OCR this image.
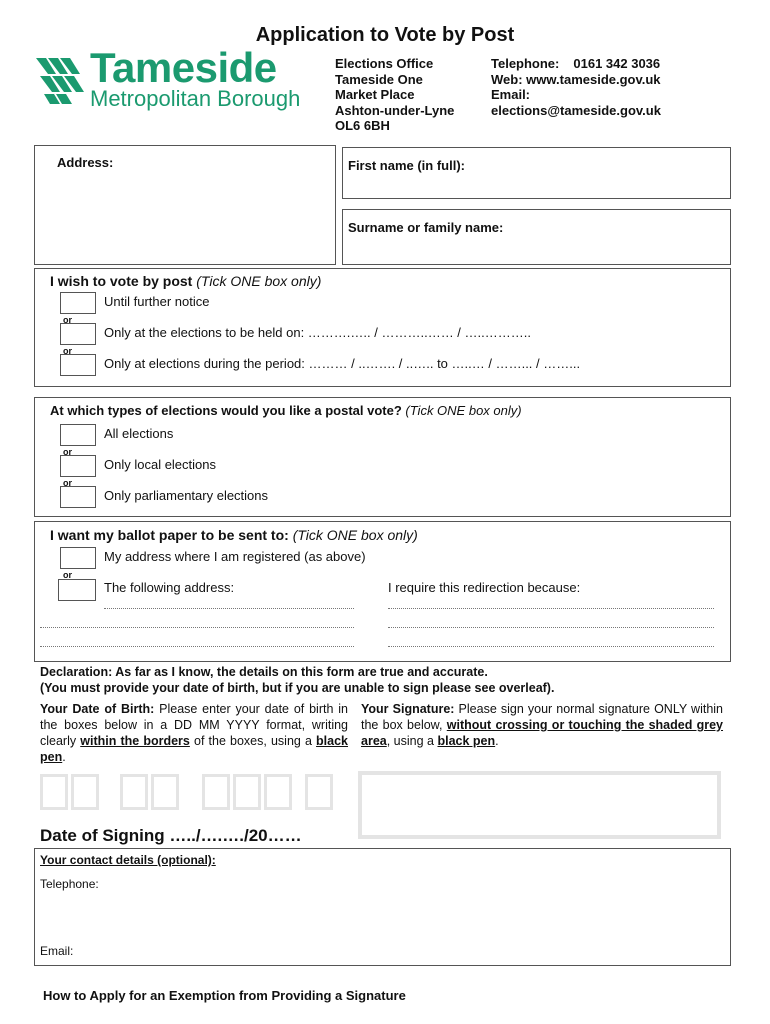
Application to Vote by Post
Tameside
Metropolitan Borough
Elections Office
Tameside One
Market Place
Ashton-under-Lyne
OL6 6BH
Telephone: 0161 342 3036
Web: www.tameside.gov.uk
Email:
elections@tameside.gov.uk
Address:	First name (in full):
Surname or family name:
I wish to vote by post (Tick ONE box only)
Until further notice
or
Only at the elections to be held on: ……….….. / ………..…… / …..………..
or
Only at elections during the period: ……… / ..……. / ..….. to …..… / ……... / ……...
At which types of elections would you like a postal vote? (Tick ONE box only)
All elections
or
Only local elections
or
Only parliamentary elections
I want my ballot paper to be sent to: (Tick ONE box only)
My address where I am registered (as above)
or
The following address:	I require this redirection because:
Declaration: As far as I know, the details on this form are true and accurate.
(You must provide your date of birth, but if you are unable to sign please see overleaf).
Your Date of Birth: Please enter your date of birth in the boxes below in a DD MM YYYY format, writing clearly within the borders of the boxes, using a black pen.
Your Signature: Please sign your normal signature ONLY within the box below, without crossing or touching the shaded grey area, using a black pen.
Date of Signing …../….…./20……
Your contact details (optional):
Telephone:
Email:
How to Apply for an Exemption from Providing a Signature
